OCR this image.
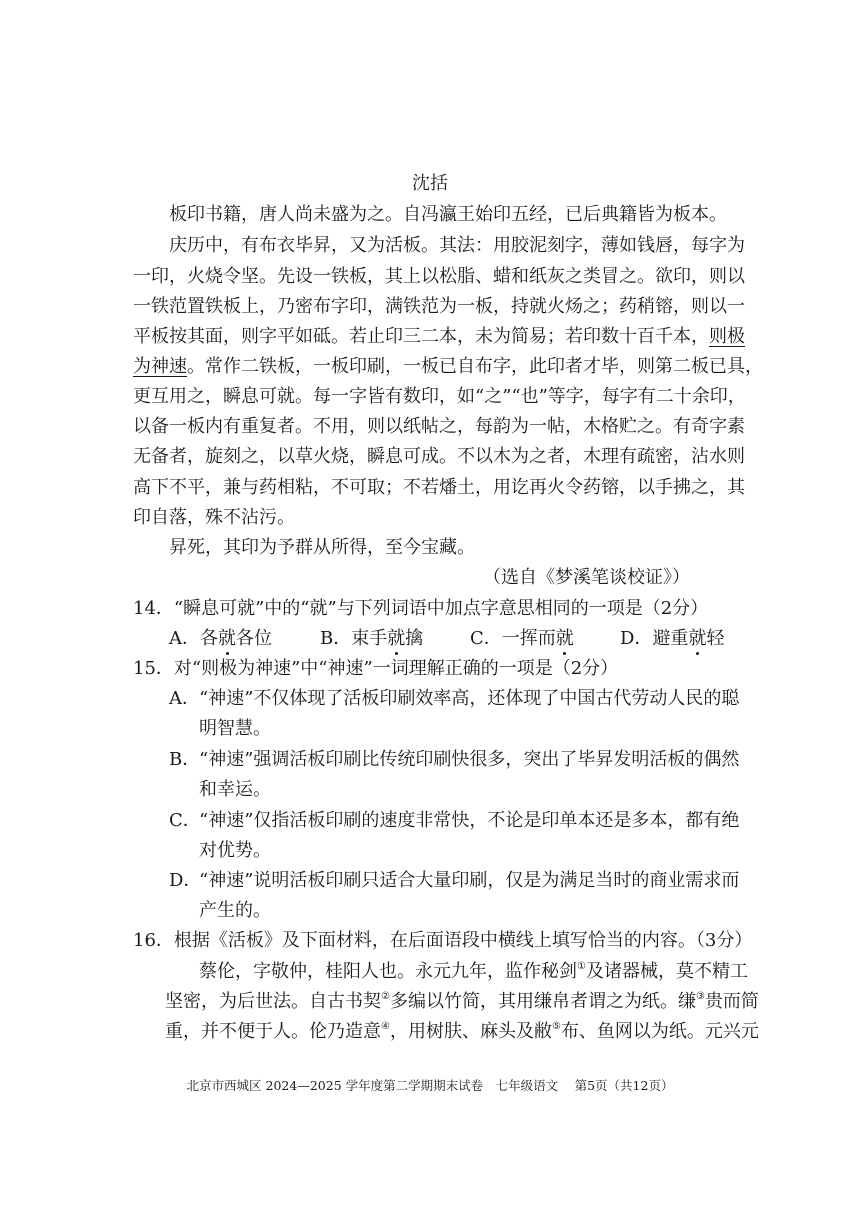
沈括
板印书籍，唐人尚未盛为之。自冯瀛王始印五经，已后典籍皆为板本。
庆历中，有布衣毕昇，又为活板。其法：用胶泥刻字，薄如钱唇，每字为
一印，火烧令坚。先设一铁板，其上以松脂、蜡和纸灰之类冒之。欲印，则以
一铁范置铁板上，乃密布字印，满铁范为一板，持就火炀之；药稍镕，则以一
平板按其面，则字平如砥。若止印三二本，未为简易；若印数十百千本，则极
为神速。常作二铁板，一板印刷，一板已自布字，此印者才毕，则第二板已具，
更互用之，瞬息可就。每一字皆有数印，如“之”“也”等字，每字有二十余印，
以备一板内有重复者。不用，则以纸帖之，每韵为一帖，木格贮之。有奇字素
无备者，旋刻之，以草火烧，瞬息可成。不以木为之者，木理有疏密，沾水则
高下不平，兼与药相粘，不可取；不若燔土，用讫再火令药镕，以手拂之，其
印自落，殊不沾污。
昇死，其印为予群从所得，至今宝藏。
（选自《梦溪笔谈校证》）
14．“瞬息可就”中的“就”与下列词语中加点字意思相同的一项是（2分）
A．各就各位	B．束手就擒	C．一挥而就	D．避重就轻
15．对“则极为神速”中“神速”一词理解正确的一项是（2分）
A． “神速”不仅体现了活板印刷效率高，还体现了中国古代劳动人民的聪
明智慧。
B．
“神速”强调活板印刷比传统印刷快很多，突出了毕昇发明活板的偶然
和幸运。
C．
“神速”仅指活板印刷的速度非常快，不论是印单本还是多本，都有绝
对优势。
D．
“神速”说明活板印刷只适合大量印刷，仅是为满足当时的商业需求而
产生的。
16．根据《活板》及下面材料，在后面语段中横线上填写恰当的内容。（3分）
蔡伦，字敬仲，桂阳人也。永元九年，监作秘剑①及诸器械，莫不精工
坚密，为后世法。自古书契②多编以竹简，其用缣帛者谓之为纸。缣③贵而简
重，并不便于人。伦乃造意④，用树肤、麻头及敝⑤布、鱼网以为纸。元兴元
北京市西城区 2024—2025 学年度第二学期期末试卷　七年级语文　 第5页（共12页）
